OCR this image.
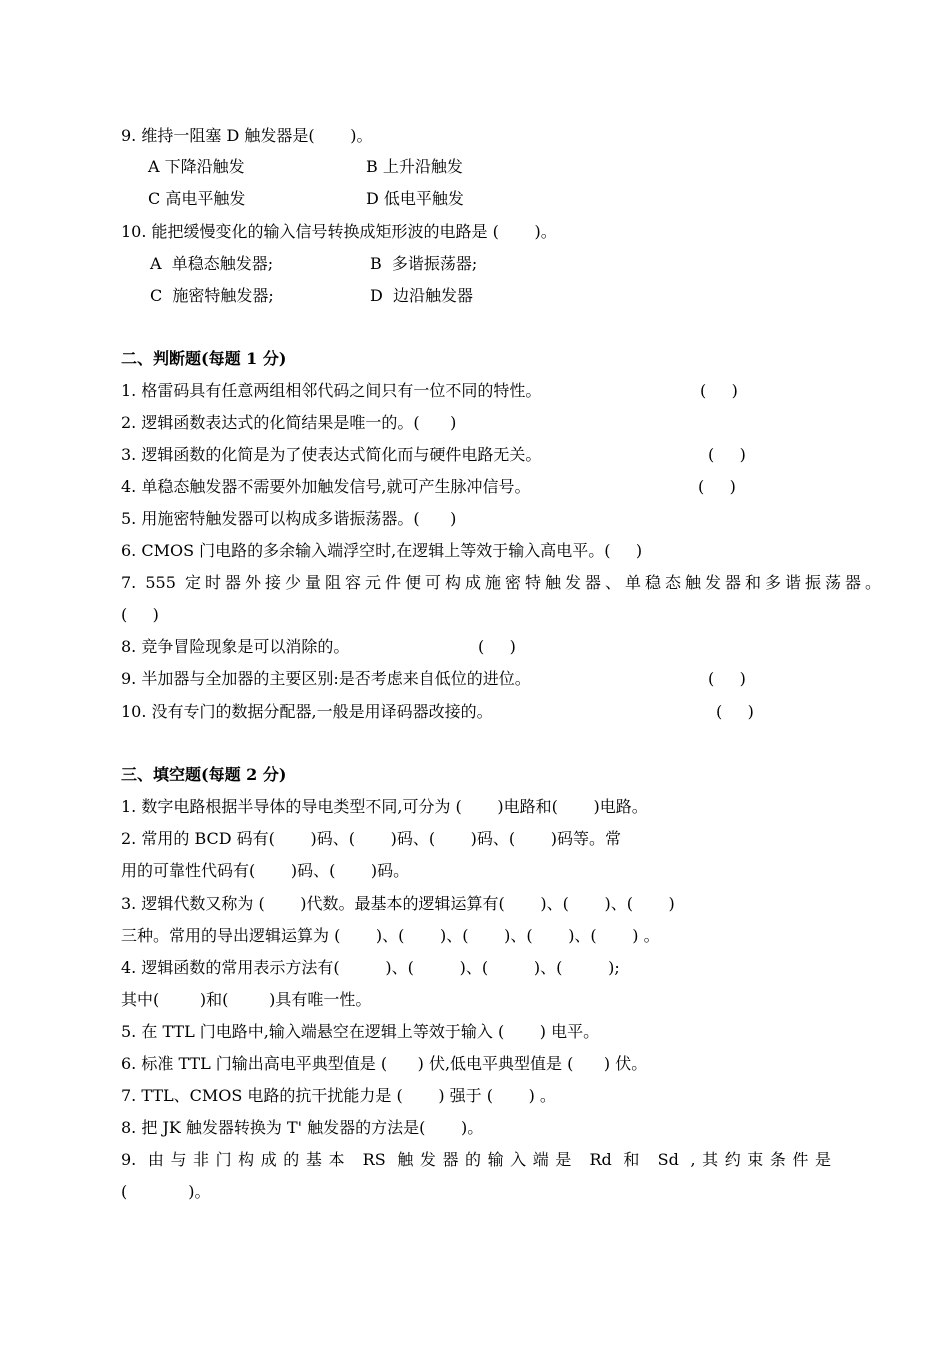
9. 维持一阻塞 D 触发器是(       )。
A 下降沿触发	B 上升沿触发
C 高电平触发	D 低电平触发
10. 能把缓慢变化的输入信号转换成矩形波的电路是 (       )。
A  单稳态触发器;	B  多谐振荡器;
C  施密特触发器;	D  边沿触发器
二、判断题(每题 1 分)
1. 格雷码具有任意两组相邻代码之间只有一位不同的特性。	(     )
2. 逻辑函数表达式的化简结果是唯一的。(      )
3. 逻辑函数的化简是为了使表达式简化而与硬件电路无关。	(     )
4. 单稳态触发器不需要外加触发信号,就可产生脉冲信号。	(     )
5. 用施密特触发器可以构成多谐振荡器。(      )
6. CMOS 门电路的多余输入端浮空时,在逻辑上等效于输入高电平。(     )
7. 555 定时器外接少量阻容元件便可构成施密特触发器、单稳态触发器和多谐振荡器。
(     )
8. 竞争冒险现象是可以消除的。	(     )
9. 半加器与全加器的主要区别:是否考虑来自低位的进位。	(     )
10. 没有专门的数据分配器,一般是用译码器改接的。	(     )
三、填空题(每题 2 分)
1. 数字电路根据半导体的导电类型不同,可分为 (       )电路和(       )电路。
2. 常用的 BCD 码有(       )码、(       )码、(       )码、(       )码等。常
用的可靠性代码有(       )码、(       )码。
3. 逻辑代数又称为 (       )代数。最基本的逻辑运算有(       )、(       )、(       )
三种。常用的导出逻辑运算为 (       )、(       )、(       )、(       )、(       ) 。
4. 逻辑函数的常用表示方法有(         )、(         )、(         )、(         );
其中(        )和(        )具有唯一性。
5. 在 TTL 门电路中,输入端悬空在逻辑上等效于输入 (       ) 电平。
6. 标准 TTL 门输出高电平典型值是 (      ) 伏,低电平典型值是 (      ) 伏。
7. TTL、CMOS 电路的抗干扰能力是 (       ) 强于 (       ) 。
8. 把 JK 触发器转换为 T' 触发器的方法是(       )。
9. 由与非门构成的基本 RS 触发器的输入端是 Rd 和 Sd ,其约束条件是
(            )。
